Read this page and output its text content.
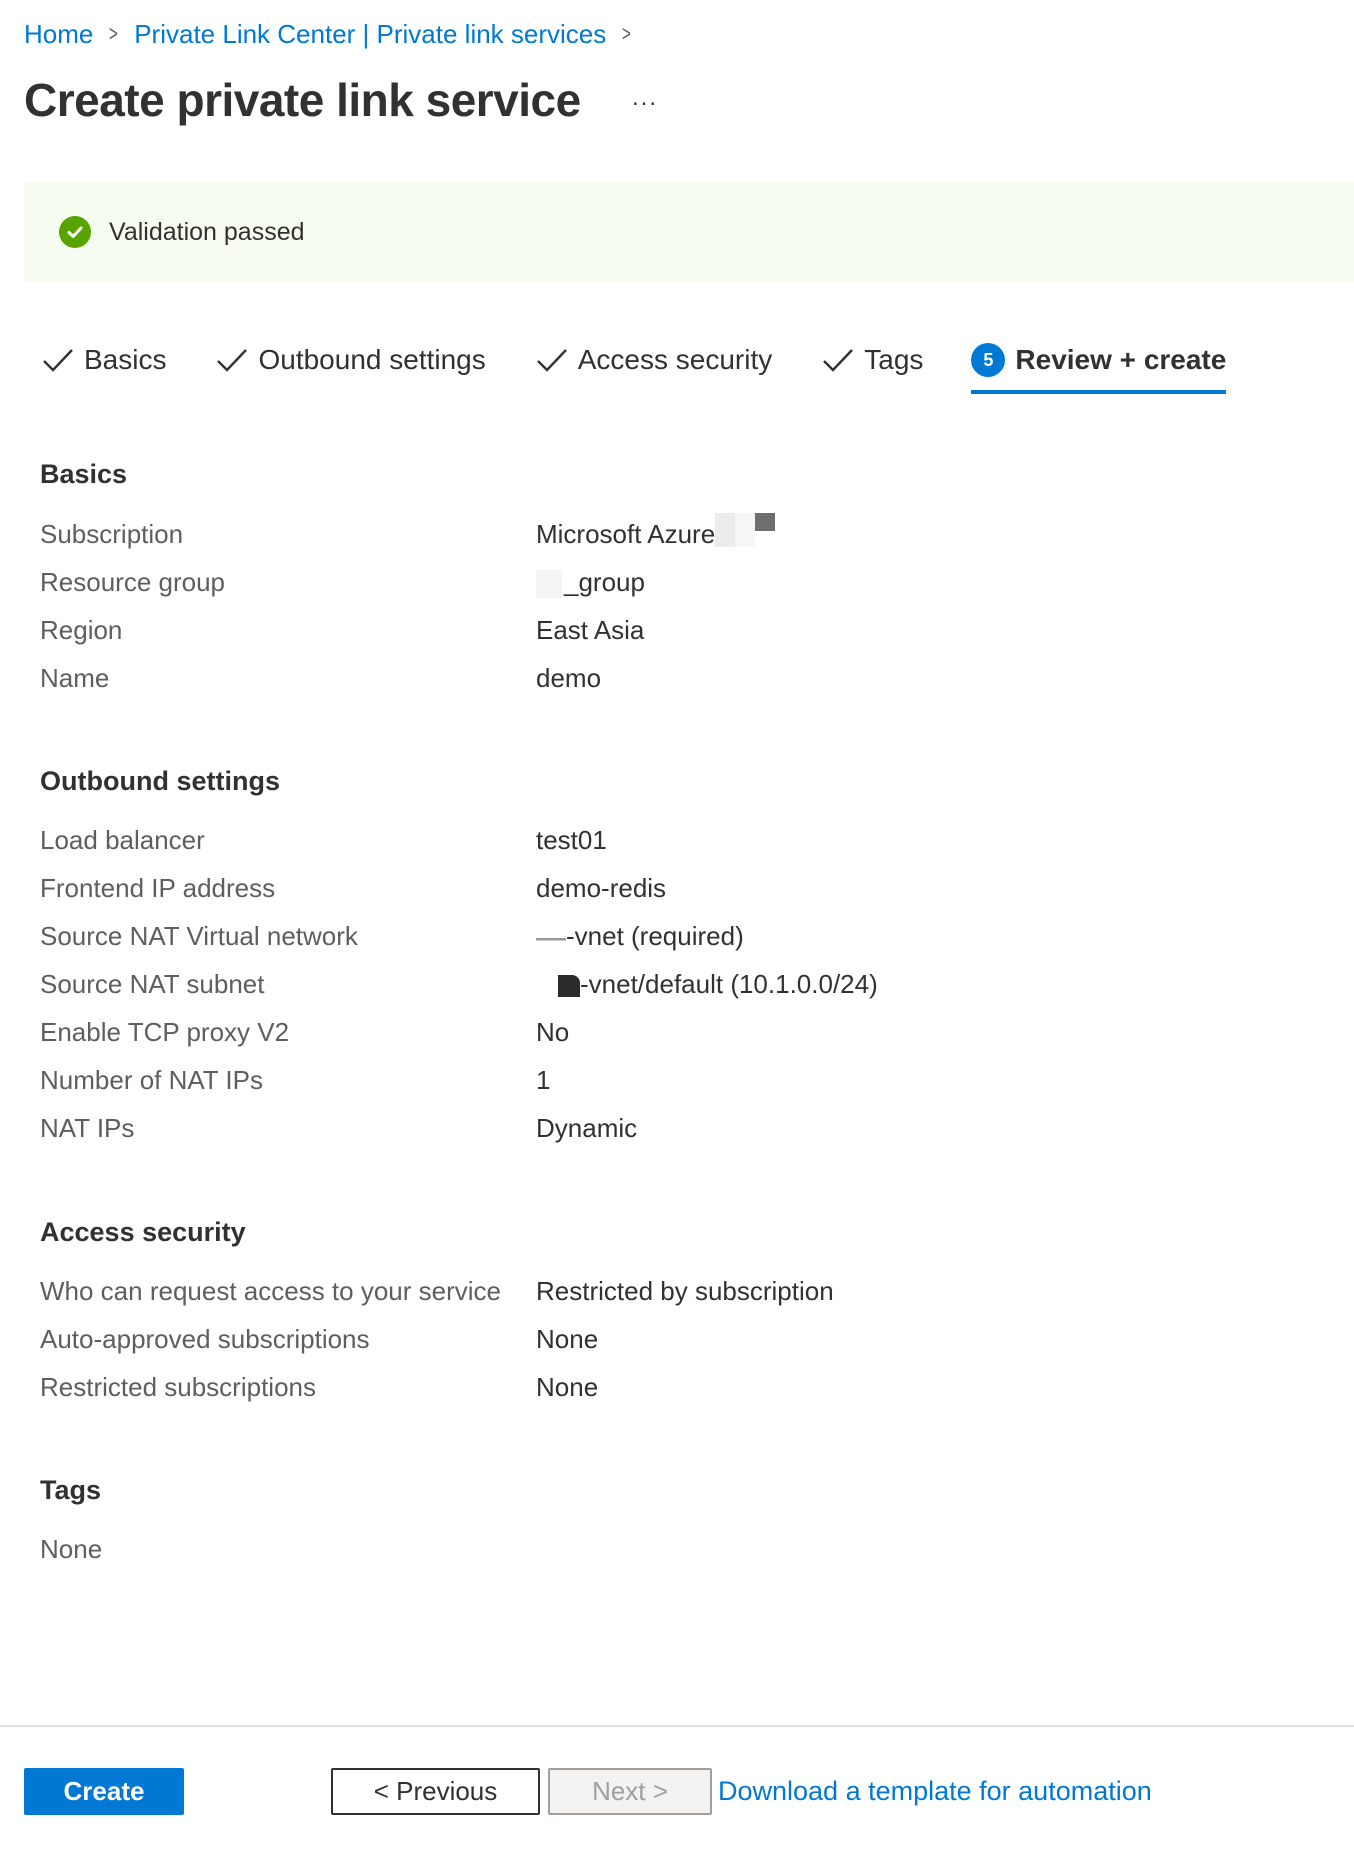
Home > Private Link Center | Private link services >
Create private link service ...
Validation passed
Basics	Outbound settings	Access security	Tags	5 Review + create
Basics
Subscription	Microsoft Azure
Resource group	_group
Region	East Asia
Name	demo
Outbound settings
Load balancer	test01
Frontend IP address	demo-redis
Source NAT Virtual network	-vnet (required)
Source NAT subnet	-vnet/default (10.1.0.0/24)
Enable TCP proxy V2	No
Number of NAT IPs	1
NAT IPs	Dynamic
Access security
Who can request access to your service	Restricted by subscription
Auto-approved subscriptions	None
Restricted subscriptions	None
Tags
None
Create	< Previous	Next >	Download a template for automation
